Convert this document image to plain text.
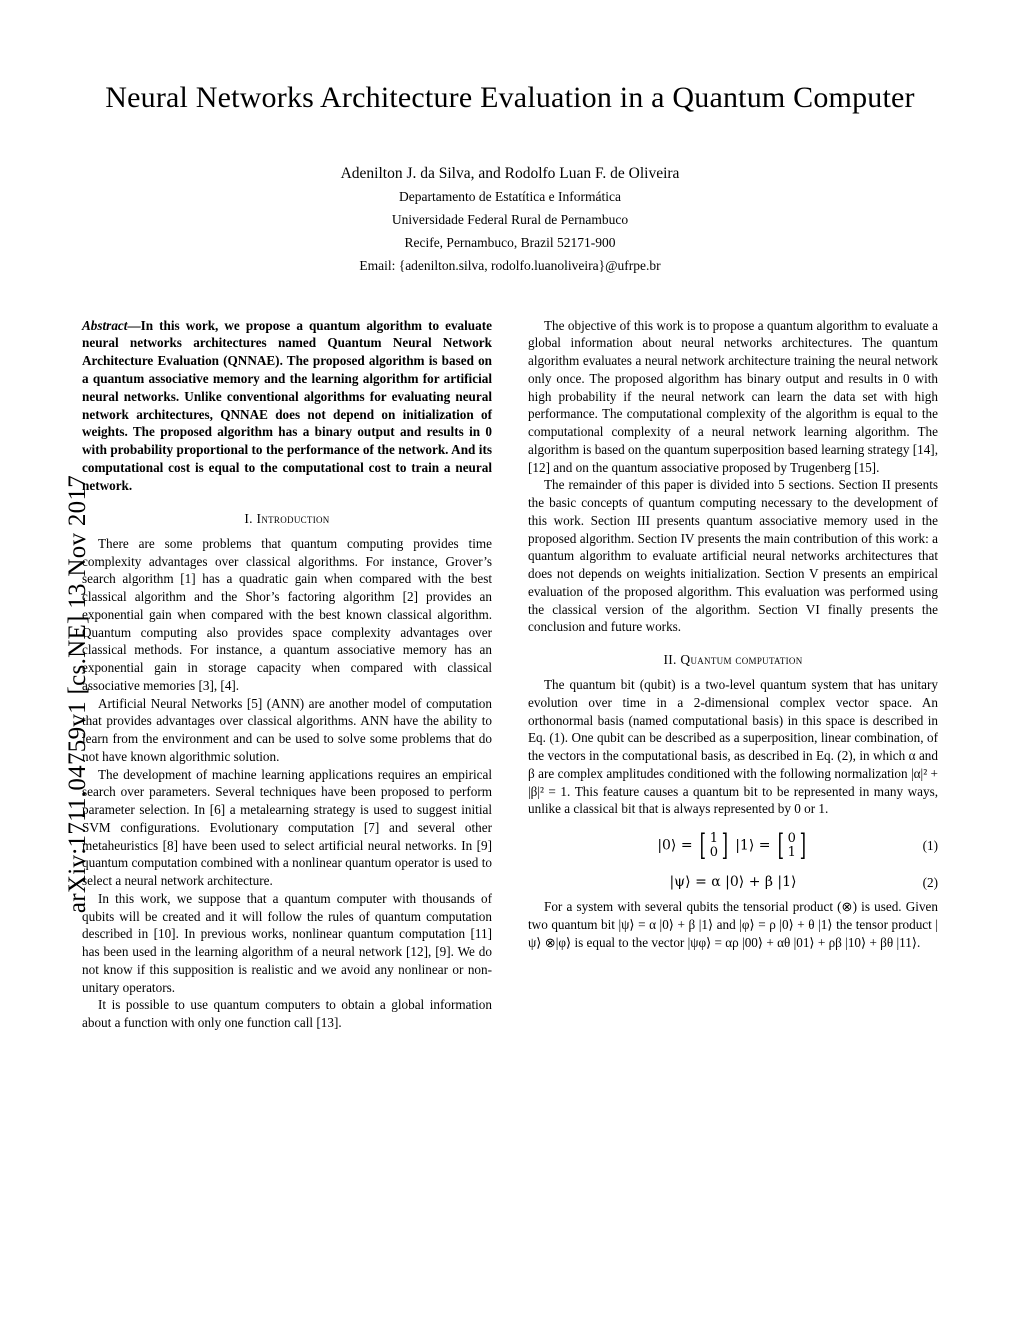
arXiv:1711.04759v1 [cs.NE] 13 Nov 2017
Neural Networks Architecture Evaluation in a Quantum Computer
Adenilton J. da Silva, and Rodolfo Luan F. de Oliveira
Departamento de Estatítica e Informática
Universidade Federal Rural de Pernambuco
Recife, Pernambuco, Brazil 52171-900
Email: {adenilton.silva, rodolfo.luanoliveira}@ufrpe.br
Abstract—In this work, we propose a quantum algorithm to evaluate neural networks architectures named Quantum Neural Network Architecture Evaluation (QNNAE). The proposed algorithm is based on a quantum associative memory and the learning algorithm for artificial neural networks. Unlike conventional algorithms for evaluating neural network architectures, QNNAE does not depend on initialization of weights. The proposed algorithm has a binary output and results in 0 with probability proportional to the performance of the network. And its computational cost is equal to the computational cost to train a neural network.
I. Introduction

There are some problems that quantum computing provides time complexity advantages over classical algorithms. For instance, Grover’s search algorithm [1] has a quadratic gain when compared with the best classical algorithm and the Shor’s factoring algorithm [2] provides an exponential gain when compared with the best known classical algorithm. Quantum computing also provides space complexity advantages over classical methods. For instance, a quantum associative memory has an exponential gain in storage capacity when compared with classical associative memories [3], [4].

Artificial Neural Networks [5] (ANN) are another model of computation that provides advantages over classical algorithms. ANN have the ability to learn from the environment and can be used to solve some problems that do not have known algorithmic solution.

The development of machine learning applications requires an empirical search over parameters. Several techniques have been proposed to perform parameter selection. In [6] a metalearning strategy is used to suggest initial SVM configurations. Evolutionary computation [7] and several other metaheuristics [8] have been used to select artificial neural networks. In [9] quantum computation combined with a nonlinear quantum operator is used to select a neural network architecture.

In this work, we suppose that a quantum computer with thousands of qubits will be created and it will follow the rules of quantum computation described in [10]. In previous works, nonlinear quantum computation [11] has been used in the learning algorithm of a neural network [12], [9]. We do not know if this supposition is realistic and we avoid any nonlinear or non-unitary operators.

It is possible to use quantum computers to obtain a global information about a function with only one function call [13].

The objective of this work is to propose a quantum algorithm to evaluate a global information about neural networks architectures. The quantum algorithm evaluates a neural network architecture training the neural network only once. The proposed algorithm has binary output and results in 0 with high probability if the neural network can learn the data set with high performance. The computational complexity of the algorithm is equal to the computational complexity of a neural network learning algorithm. The algorithm is based on the quantum superposition based learning strategy [14], [12] and on the quantum associative proposed by Trugenberg [15].

The remainder of this paper is divided into 5 sections. Section II presents the basic concepts of quantum computing necessary to the development of this work. Section III presents quantum associative memory used in the proposed algorithm. Section IV presents the main contribution of this work: a quantum algorithm to evaluate artificial neural networks architectures that does not depends on weights initialization. Section V presents an empirical evaluation of the proposed algorithm. This evaluation was performed using the classical version of the algorithm. Section VI finally presents the conclusion and future works.

II. Quantum computation

The quantum bit (qubit) is a two-level quantum system that has unitary evolution over time in a 2-dimensional complex vector space. An orthonormal basis (named computational basis) in this space is described in Eq. (1). One qubit can be described as a superposition, linear combination, of the vectors in the computational basis, as described in Eq. (2), in which α and β are complex amplitudes conditioned with the following normalization |α|² + |β|² = 1. This feature causes a quantum bit to be represented in many ways, unlike a classical bit that is always represented by 0 or 1.

|0⟩ = [ 1
0 ] |1⟩ = [ 0
1 ]	(1)
|ψ⟩ = α |0⟩ + β |1⟩	(2)

For a system with several qubits the tensorial product (⊗) is used. Given two quantum bit |ψ⟩ = α |0⟩ + β |1⟩ and |φ⟩ = ρ |0⟩ + θ |1⟩ the tensor product |ψ⟩ ⊗|φ⟩ is equal to the vector |ψφ⟩ = αρ |00⟩ + αθ |01⟩ + ρβ |10⟩ + βθ |11⟩.
